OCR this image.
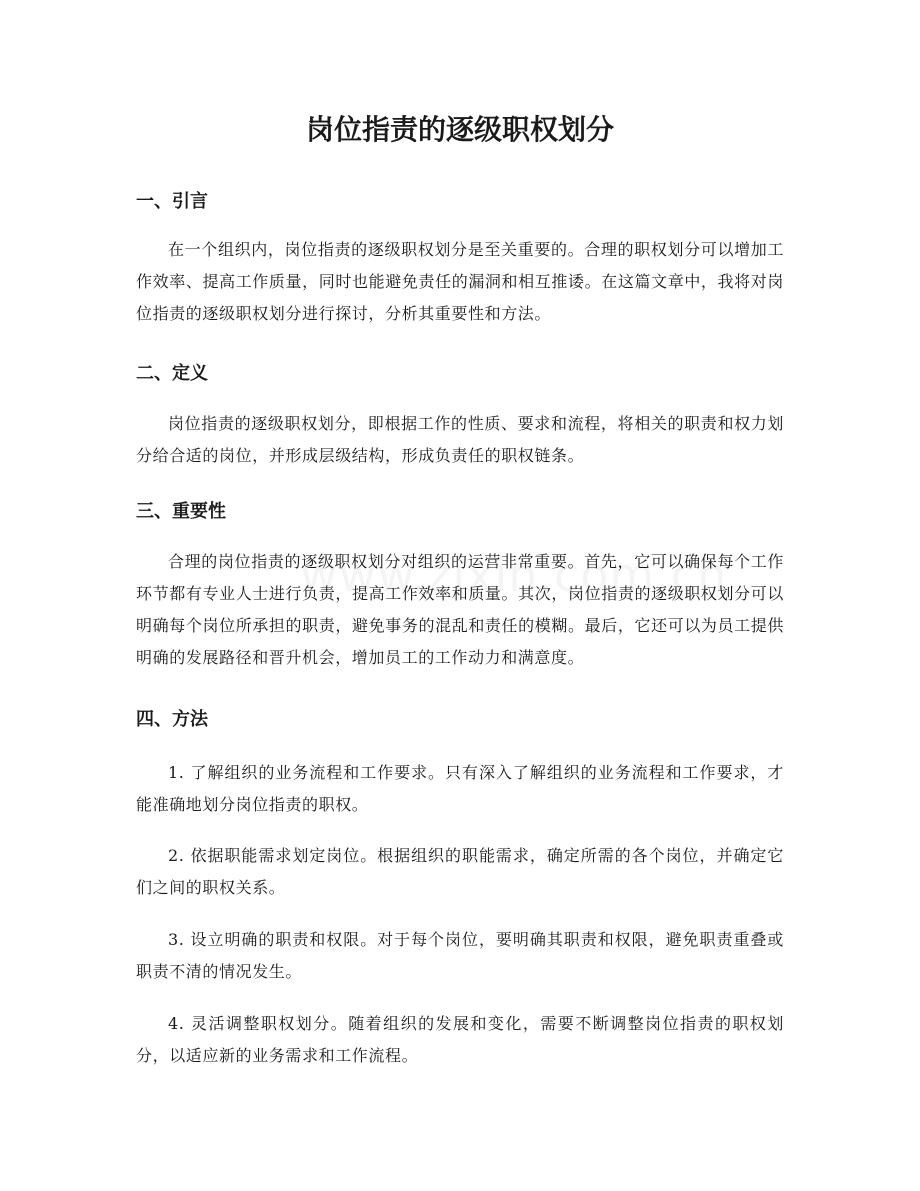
岗位指责的逐级职权划分
一、引言

在一个组织内，岗位指责的逐级职权划分是至关重要的。合理的职权划分可以增加工作效率、提高工作质量，同时也能避免责任的漏洞和相互推诿。在这篇文章中，我将对岗位指责的逐级职权划分进行探讨，分析其重要性和方法。

二、定义

岗位指责的逐级职权划分，即根据工作的性质、要求和流程，将相关的职责和权力划分给合适的岗位，并形成层级结构，形成负责任的职权链条。

三、重要性

合理的岗位指责的逐级职权划分对组织的运营非常重要。首先，它可以确保每个工作环节都有专业人士进行负责，提高工作效率和质量。其次，岗位指责的逐级职权划分可以明确每个岗位所承担的职责，避免事务的混乱和责任的模糊。最后，它还可以为员工提供明确的发展路径和晋升机会，增加员工的工作动力和满意度。

四、方法

1. 了解组织的业务流程和工作要求。只有深入了解组织的业务流程和工作要求，才能准确地划分岗位指责的职权。

2. 依据职能需求划定岗位。根据组织的职能需求，确定所需的各个岗位，并确定它们之间的职权关系。

3. 设立明确的职责和权限。对于每个岗位，要明确其职责和权限，避免职责重叠或职责不清的情况发生。

4. 灵活调整职权划分。随着组织的发展和变化，需要不断调整岗位指责的职权划分，以适应新的业务需求和工作流程。
